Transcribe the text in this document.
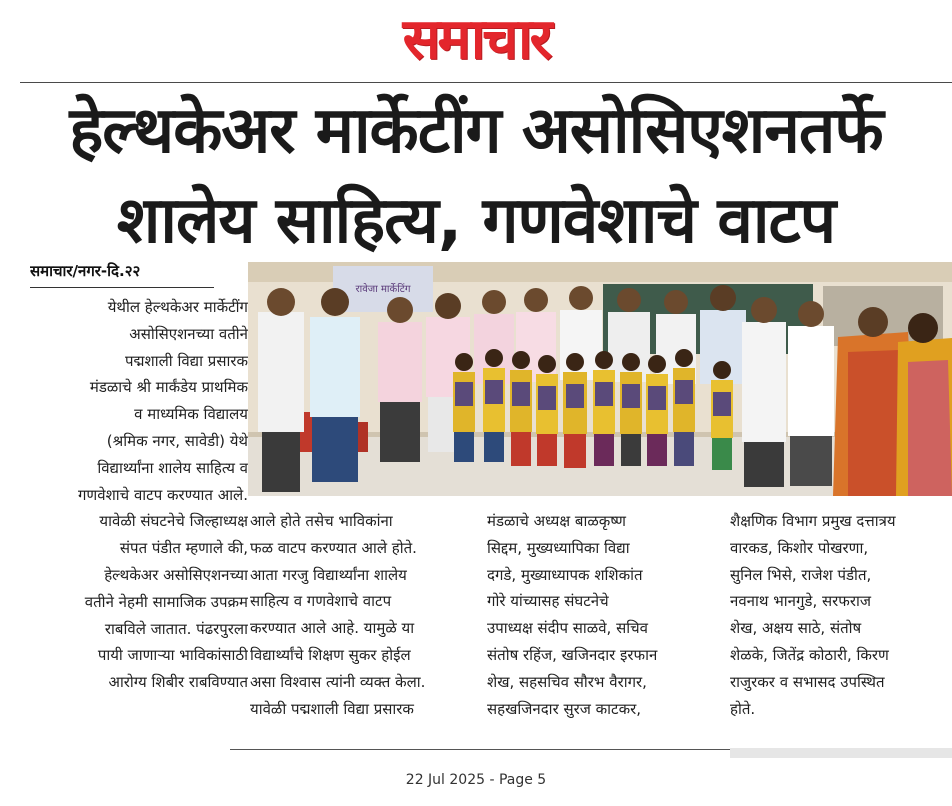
समाचार
हेल्थकेअर मार्केटींग असोसिएशनतर्फे
शालेय साहित्य, गणवेशाचे वाटप
समाचार/नगर-दि.२२
रावेजा मार्केटिंग
येथील हेल्थकेअर मार्केटींग
असोसिएशनच्या वतीने
पद्मशाली विद्या प्रसारक
मंडळाचे श्री मार्कंडेय प्राथमिक
व माध्यमिक विद्यालय
(श्रमिक नगर, सावेडी) येथे
विद्यार्थ्यांना शालेय साहित्य व
गणवेशाचे वाटप करण्यात आले.
यावेळी संघटनेचे जिल्हाध्यक्ष
संपत पंडीत म्हणाले की,
हेल्थकेअर असोसिएशनच्या
वतीने नेहमी सामाजिक उपक्रम
राबविले जातात. पंढरपुरला
पायी जाणाऱ्या भाविकांसाठी
आरोग्य शिबीर राबविण्यात
आले होते तसेच भाविकांना
फळ वाटप करण्यात आले होते.
आता गरजु विद्यार्थ्यांना शालेय
साहित्य व गणवेशाचे वाटप
करण्यात आले आहे. यामुळे या
विद्यार्थ्यांचे शिक्षण सुकर होईल
असा विश्वास त्यांनी व्यक्त केला.
यावेळी पद्मशाली विद्या प्रसारक
मंडळाचे अध्यक्ष बाळकृष्ण
सिद्दम, मुख्यध्यापिका विद्या
दगडे, मुख्याध्यापक शशिकांत
गोरे यांच्यासह संघटनेचे
उपाध्यक्ष संदीप साळवे, सचिव
संतोष रहिंज, खजिनदार इरफान
शेख, सहसचिव सौरभ वैरागर,
सहखजिनदार सुरज काटकर,
शैक्षणिक विभाग प्रमुख दत्तात्रय
वारकड, किशोर पोखरणा,
सुनिल भिसे, राजेश पंडीत,
नवनाथ भानगुडे, सरफराज
शेख, अक्षय साठे, संतोष
शेळके, जितेंद्र कोठारी, किरण
राजुरकर व सभासद उपस्थित
होते.
22 Jul 2025 - Page 5
